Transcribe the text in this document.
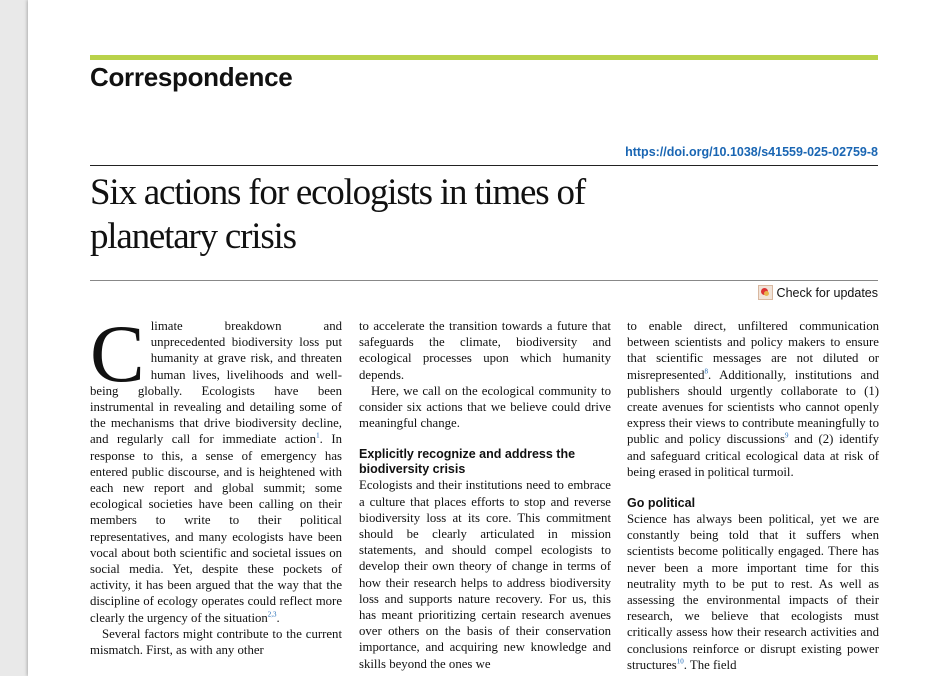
Correspondence
https://doi.org/10.1038/s41559-025-02759-8
Six actions for ecologists in times of
planetary crisis
Check for updates

Climate breakdown and unprecedented biodiversity loss put humanity at grave risk, and threaten human lives, livelihoods and well-being globally. Ecologists have been instrumental in revealing and detailing some of the mechanisms that drive biodiversity decline, and regularly call for immediate action$^1$. In response to this, a sense of emergency has entered public discourse, and is heightened with each new report and global summit; some ecological societies have been calling on their members to write to their political representatives, and many ecologists have been vocal about both scientific and societal issues on social media. Yet, despite these pockets of activity, it has been argued that the way that the discipline of ecology operates could reflect more clearly the urgency of the situation$^{2,3}$.

Several factors might contribute to the current mismatch. First, as with any other

to accelerate the transition towards a future that safeguards the climate, biodiversity and ecological processes upon which humanity depends.

Here, we call on the ecological community to consider six actions that we believe could drive meaningful change.

Explicitly recognize and address the biodiversity crisis

Ecologists and their institutions need to embrace a culture that places efforts to stop and reverse biodiversity loss at its core. This commitment should be clearly articulated in mission statements, and should compel ecologists to develop their own theory of change in terms of how their research helps to address biodiversity loss and supports nature recovery. For us, this has meant prioritizing certain research avenues over others on the basis of their conservation importance, and acquiring new knowledge and skills beyond the ones we

to enable direct, unfiltered communication between scientists and policy makers to ensure that scientific messages are not diluted or misrepresented$^8$. Additionally, institutions and publishers should urgently collaborate to (1) create avenues for scientists who cannot openly express their views to contribute meaningfully to public and policy discussions$^9$ and (2) identify and safeguard critical ecological data at risk of being erased in political turmoil.

Go political

Science has always been political, yet we are constantly being told that it suffers when scientists become politically engaged. There has never been a more important time for this neutrality myth to be put to rest. As well as assessing the environmental impacts of their research, we believe that ecologists must critically assess how their research activities and conclusions reinforce or disrupt existing power structures$^{10}$. The field
